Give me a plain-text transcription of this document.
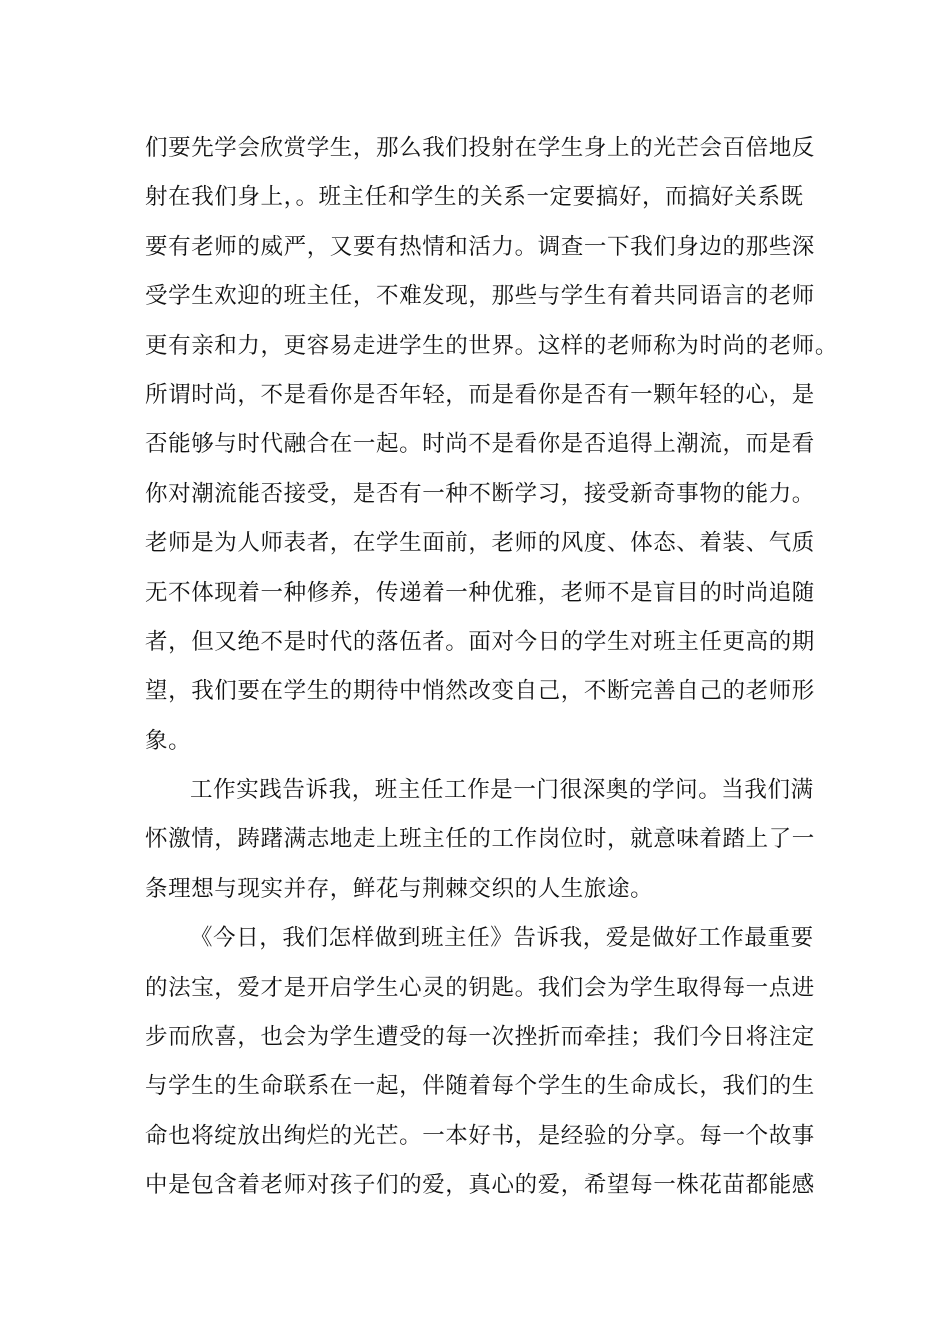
们要先学会欣赏学生，那么我们投射在学生身上的光芒会百倍地反
射在我们身上，。班主任和学生的关系一定要搞好，而搞好关系既
要有老师的威严，又要有热情和活力。调查一下我们身边的那些深
受学生欢迎的班主任，不难发现，那些与学生有着共同语言的老师
更有亲和力，更容易走进学生的世界。这样的老师称为时尚的老师。
所谓时尚，不是看你是否年轻，而是看你是否有一颗年轻的心，是
否能够与时代融合在一起。时尚不是看你是否追得上潮流，而是看
你对潮流能否接受，是否有一种不断学习，接受新奇事物的能力。
老师是为人师表者，在学生面前，老师的风度、体态、着装、气质
无不体现着一种修养，传递着一种优雅，老师不是盲目的时尚追随
者，但又绝不是时代的落伍者。面对今日的学生对班主任更高的期
望，我们要在学生的期待中悄然改变自己，不断完善自己的老师形
象。
工作实践告诉我，班主任工作是一门很深奥的学问。当我们满
怀激情，踌躇满志地走上班主任的工作岗位时，就意味着踏上了一
条理想与现实并存，鲜花与荆棘交织的人生旅途。
《今日，我们怎样做到班主任》告诉我，爱是做好工作最重要
的法宝，爱才是开启学生心灵的钥匙。我们会为学生取得每一点进
步而欣喜，也会为学生遭受的每一次挫折而牵挂；我们今日将注定
与学生的生命联系在一起，伴随着每个学生的生命成长，我们的生
命也将绽放出绚烂的光芒。一本好书，是经验的分享。每一个故事
中是包含着老师对孩子们的爱，真心的爱，希望每一株花苗都能感
